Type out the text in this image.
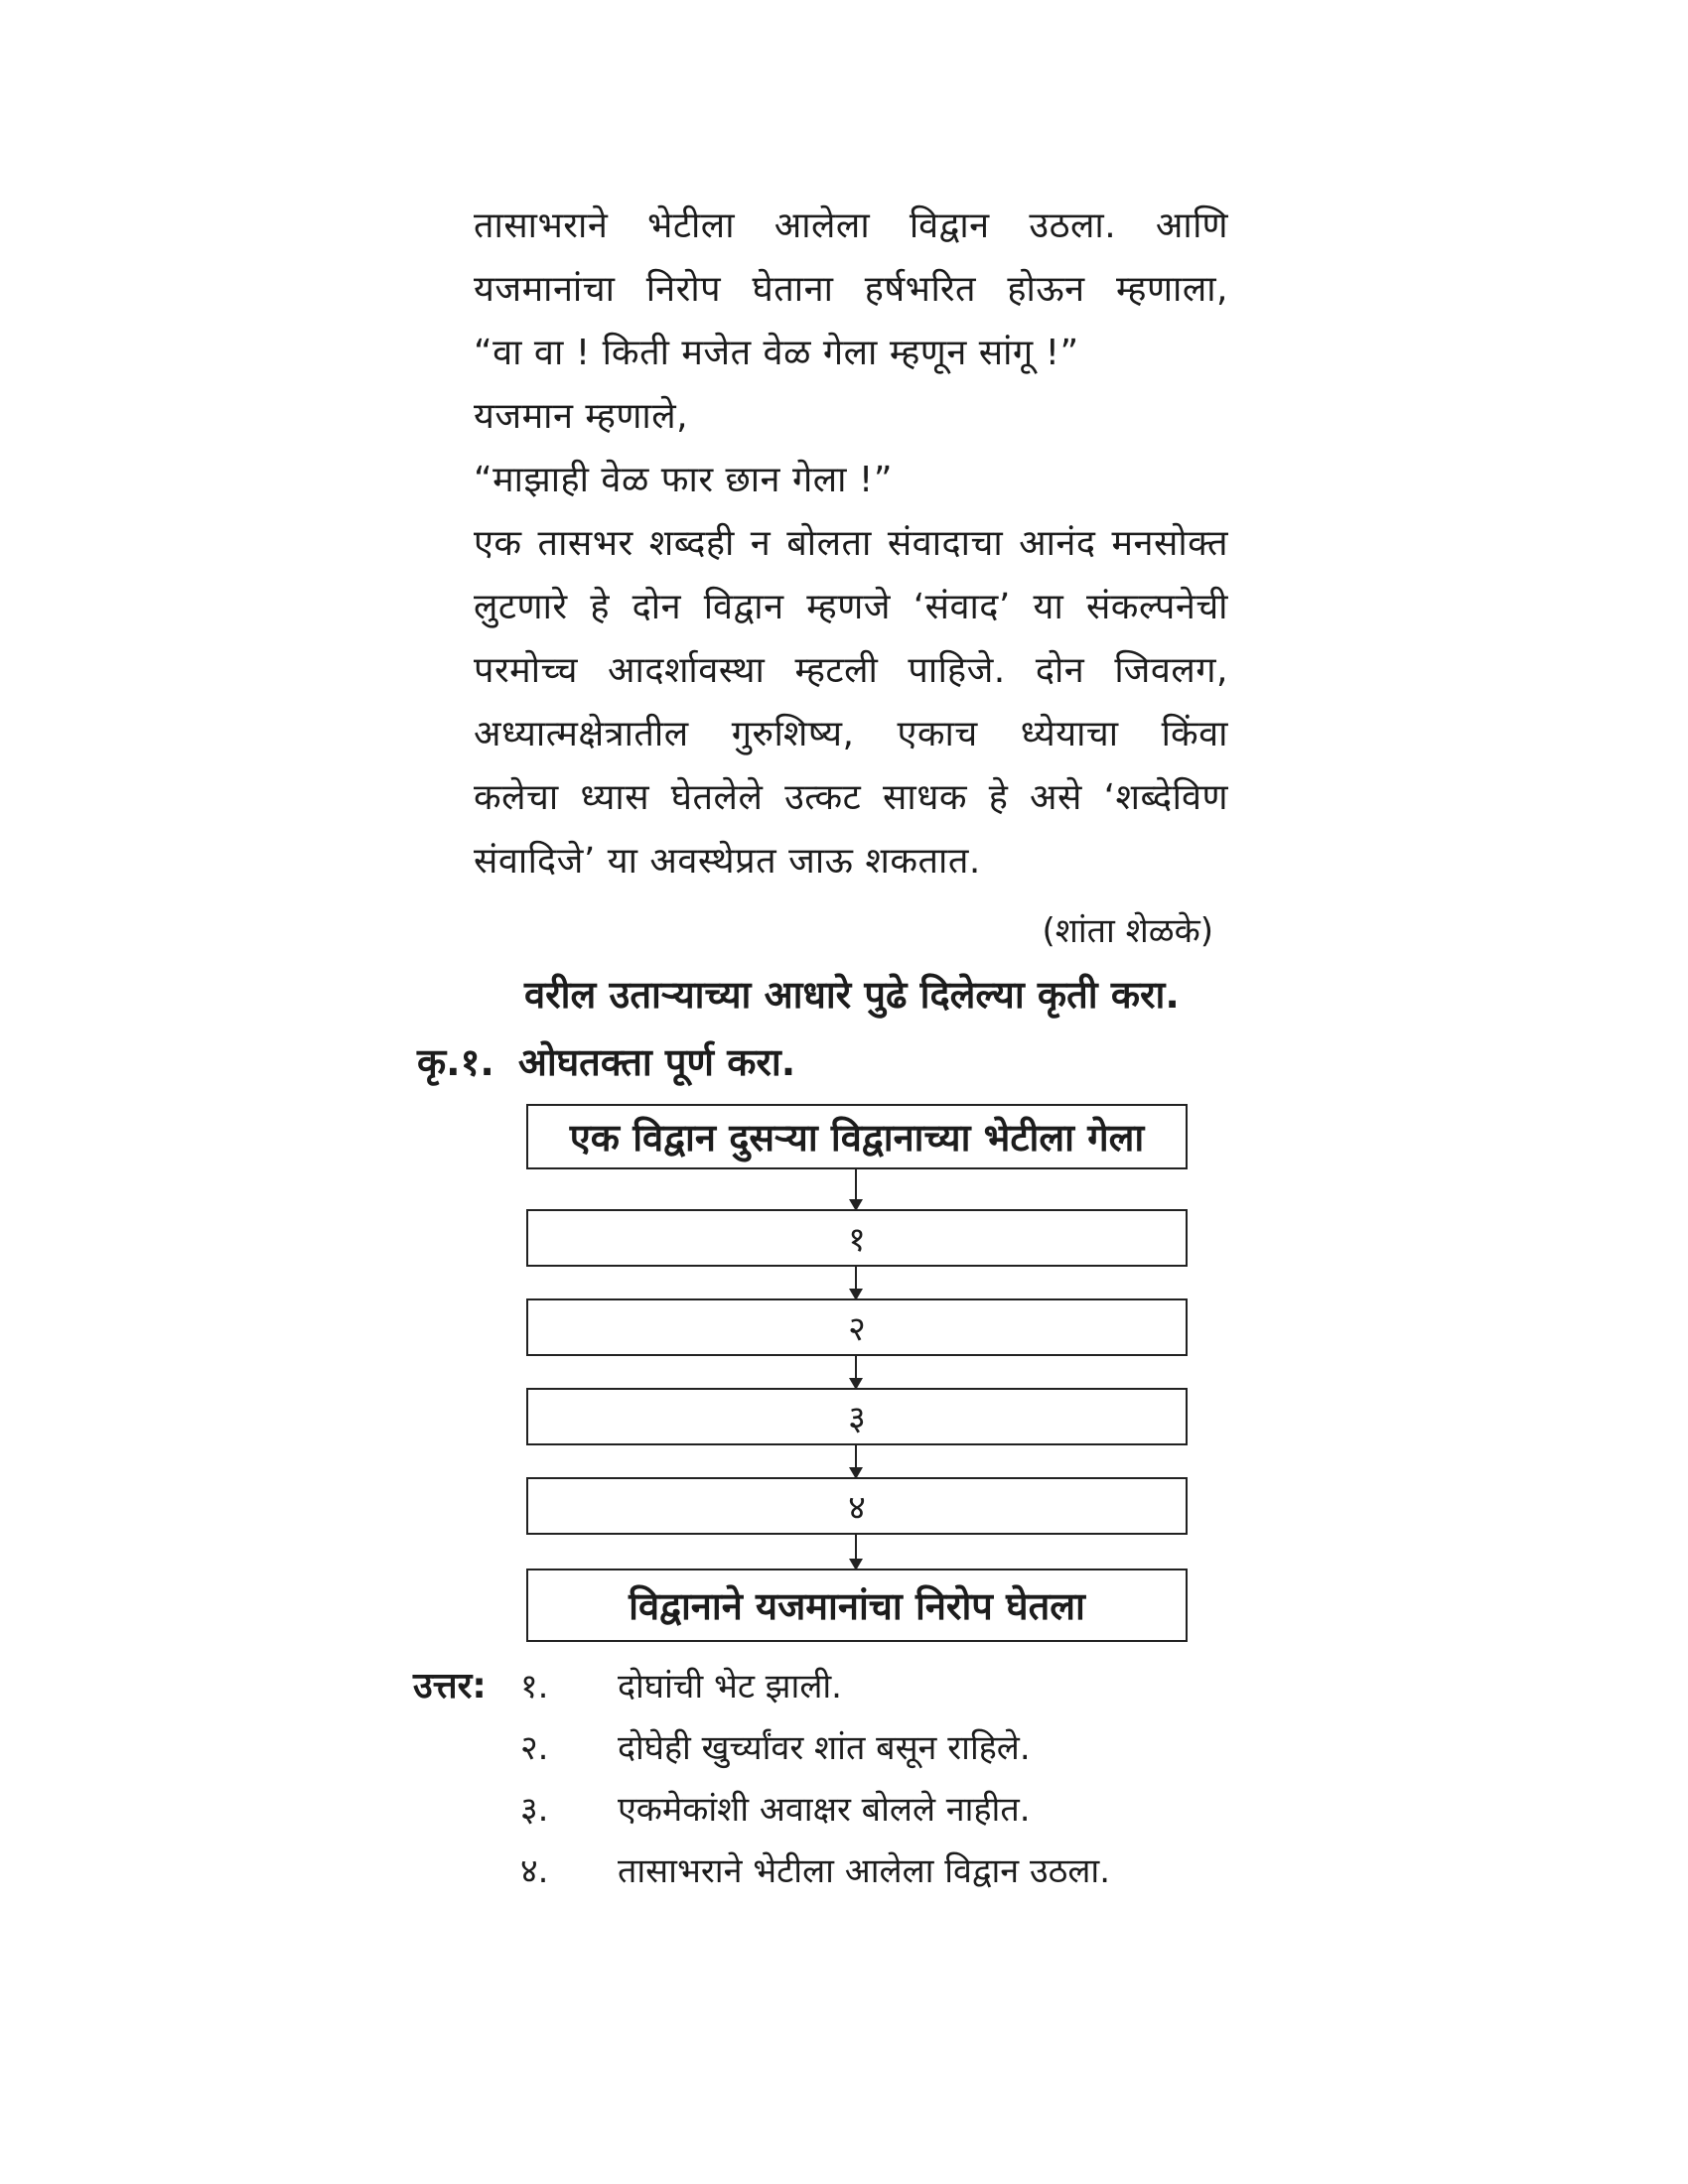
तासाभराने भेटीला आलेला विद्वान उठला. आणि
यजमानांचा निरोप घेताना हर्षभरित होऊन म्हणाला,
“वा वा ! किती मजेत वेळ गेला म्हणून सांगू !”
यजमान म्हणाले,
“माझाही वेळ फार छान गेला !”
एक तासभर शब्दही न बोलता संवादाचा आनंद मनसोक्त
लुटणारे हे दोन विद्वान म्हणजे ‘संवाद’ या संकल्पनेची
परमोच्च आदर्शावस्था म्हटली पाहिजे. दोन जिवलग,
अध्यात्मक्षेत्रातील गुरुशिष्य, एकाच ध्येयाचा किंवा
कलेचा ध्यास घेतलेले उत्कट साधक हे असे ‘शब्देविण
संवादिजे’ या अवस्थेप्रत जाऊ शकतात.
(शांता शेळके)
वरील उताऱ्याच्या आधारे पुढे दिलेल्या कृती करा.
कृ.१. ओघतक्ता पूर्ण करा.
एक विद्वान दुसऱ्या विद्वानाच्या भेटीला गेला
१
२
३
४
विद्वानाने यजमानांचा निरोप घेतला
उत्तर: १. दोघांची भेट झाली.
२. दोघेही खुर्च्यांवर शांत बसून राहिले.
३. एकमेकांशी अवाक्षर बोलले नाहीत.
४. तासाभराने भेटीला आलेला विद्वान उठला.
